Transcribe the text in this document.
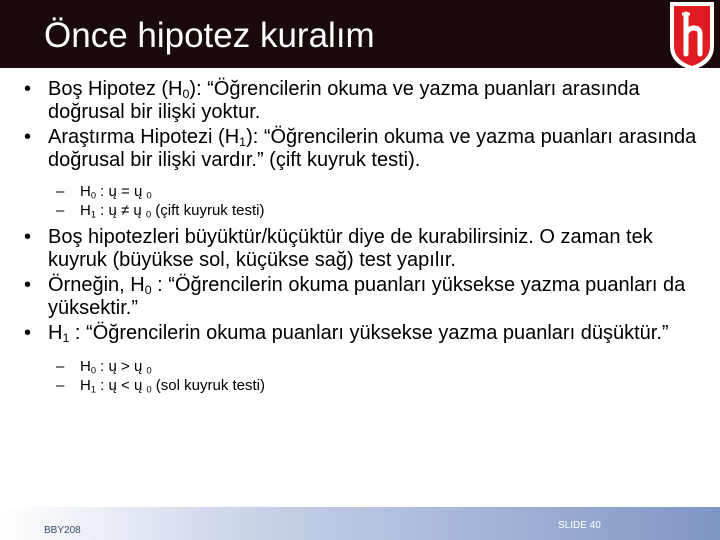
Önce hipotez kuralım
• Boş Hipotez $(H_0)$: “Öğrencilerin okuma ve yazma puanları arasında doğrusal bir ilişki yoktur.
• Araştırma Hipotezi $(H_1)$: “Öğrencilerin okuma ve yazma puanları arasında doğrusal bir ilişki vardır.” (çift kuyruk testi).
– $H_0$ : ų = ų $_0$
– $H_1$ : ų ≠ ų $_0$ (çift kuyruk testi)
• Boş hipotezleri büyüktür/küçüktür diye de kurabilirsiniz. O zaman tek kuyruk (büyükse sol, küçükse sağ) test yapılır.
• Örneğin, $H_0$ : “Öğrencilerin okuma puanları yüksekse yazma puanları da yüksektir.”
• $H_1$ : “Öğrencilerin okuma puanları yüksekse yazma puanları düşüktür.”
– $H_0$ : ų > ų $_0$
– $H_1$ : ų < ų $_0$ (sol kuyruk testi)
BBY208	SLIDE 40
